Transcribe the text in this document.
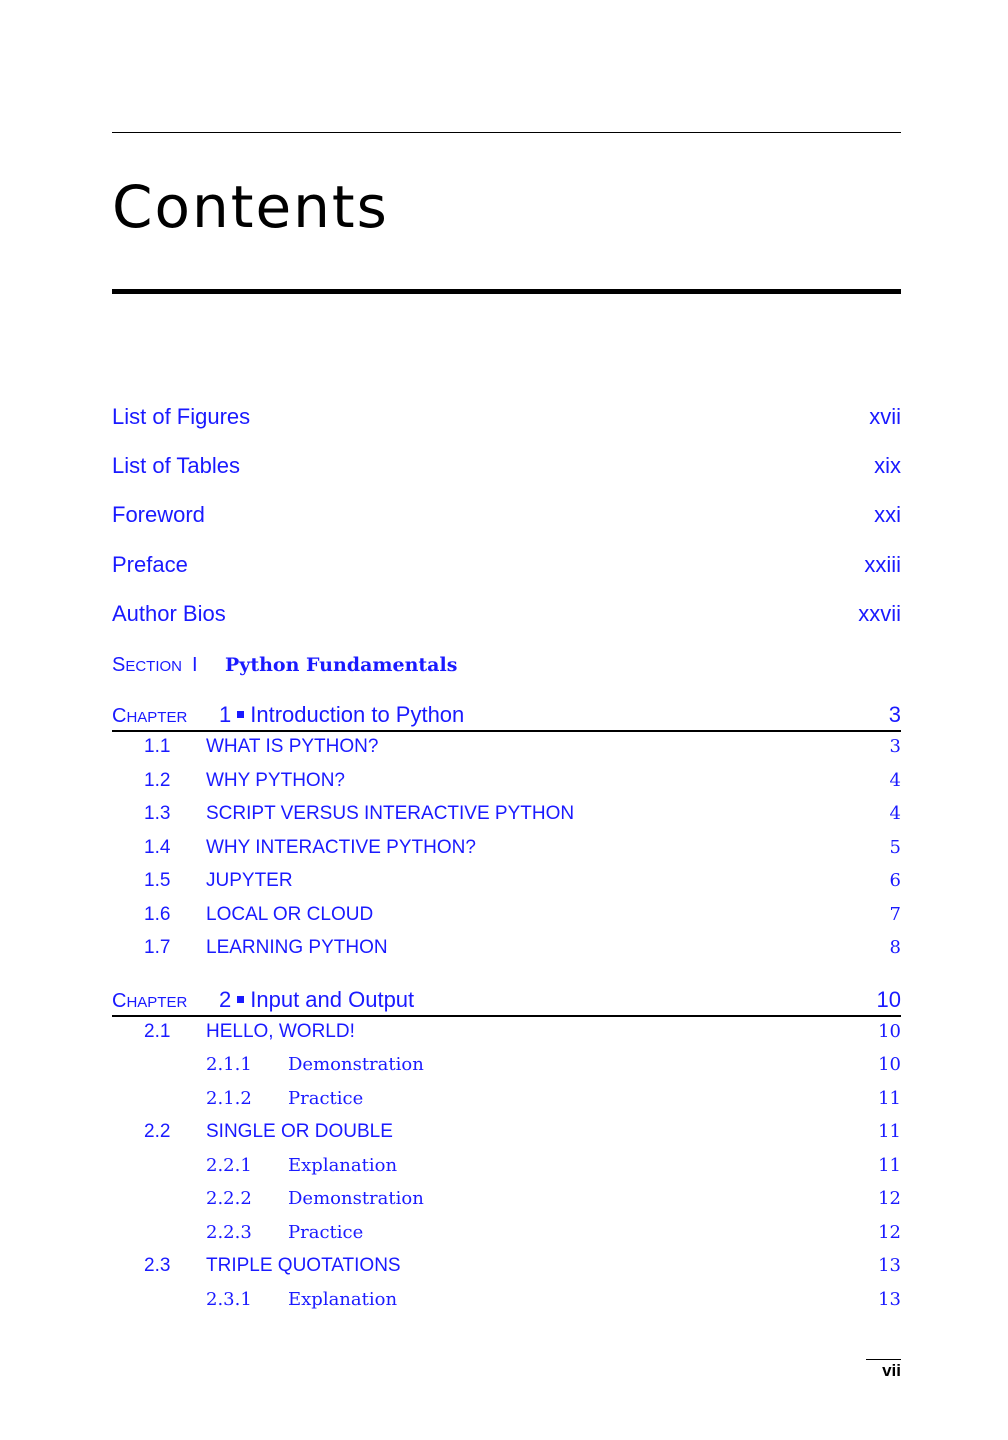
Contents
List of Figures	xvii
List of Tables	xix
Foreword	xxi
Preface	xxiii
Author Bios	xxvii
SECTION I Python Fundamentals
CHAPTER 1 Introduction to Python	3
1.1 WHAT IS PYTHON?	3
1.2 WHY PYTHON?	4
1.3 SCRIPT VERSUS INTERACTIVE PYTHON	4
1.4 WHY INTERACTIVE PYTHON?	5
1.5 JUPYTER	6
1.6 LOCAL OR CLOUD	7
1.7 LEARNING PYTHON	8
CHAPTER 2 Input and Output	10
2.1 HELLO, WORLD!	10
2.1.1 Demonstration	10
2.1.2 Practice	11
2.2 SINGLE OR DOUBLE	11
2.2.1 Explanation	11
2.2.2 Demonstration	12
2.2.3 Practice	12
2.3 TRIPLE QUOTATIONS	13
2.3.1 Explanation	13
vii
